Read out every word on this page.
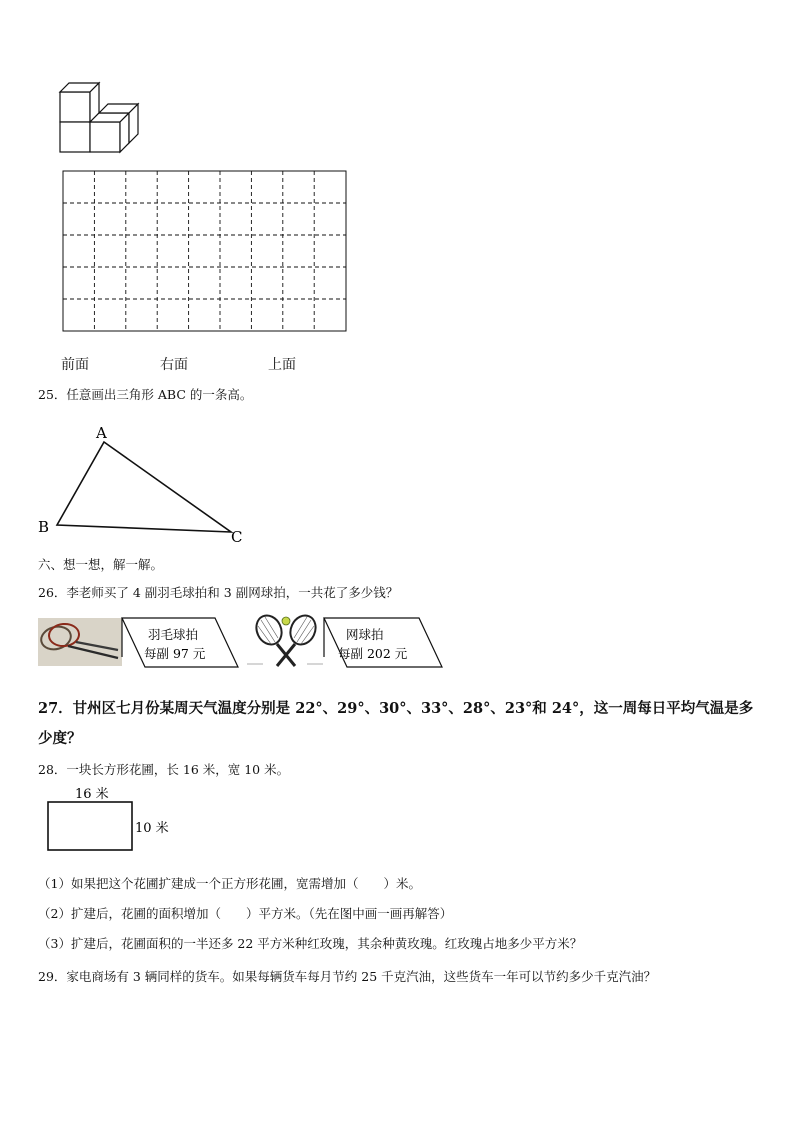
前面	右面	上面
25．任意画出三角形 ABC 的一条高。
A
B
C
六、想一想，解一解。
26．李老师买了 4 副羽毛球拍和 3 副网球拍，一共花了多少钱？
羽毛球拍
每副 97 元
网球拍
每副 202 元
27．甘州区七月份某周天气温度分别是 22°、29°、30°、33°、28°、23°和 24°，这一周每日平均气温是多
少度？
28．一块长方形花圃，长 16 米，宽 10 米。
16 米
10 米
（1）如果把这个花圃扩建成一个正方形花圃，宽需增加（　　）米。
（2）扩建后，花圃的面积增加（　　）平方米。（先在图中画一画再解答）
（3）扩建后，花圃面积的一半还多 22 平方米种红玫瑰，其余种黄玫瑰。红玫瑰占地多少平方米？
29．家电商场有 3 辆同样的货车。如果每辆货车每月节约 25 千克汽油，这些货车一年可以节约多少千克汽油？
